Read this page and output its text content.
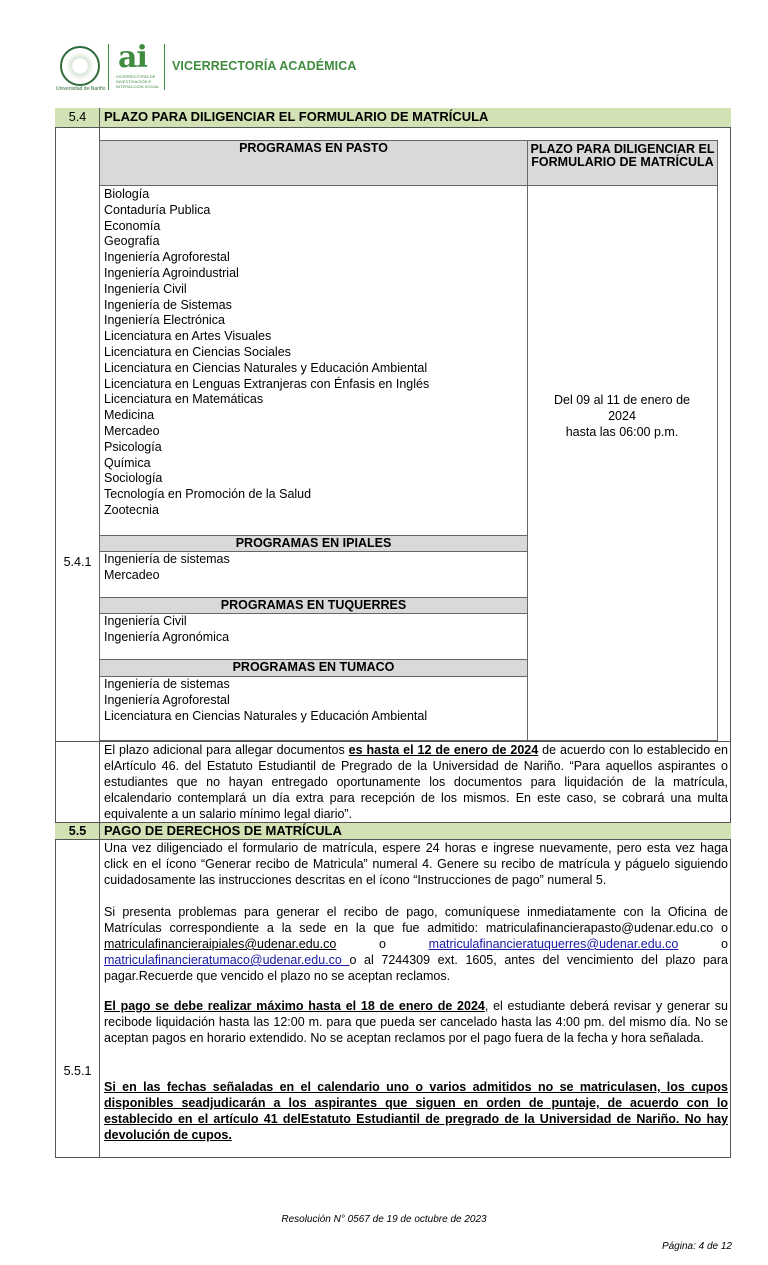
Universidad de Nariño
ai
VICERRECTORÍA DE INVESTIGACIÓN E INTERACCIÓN SOCIAL
VICERRECTORÍA ACADÉMICA
5.4	PLAZO PARA DILIGENCIAR EL FORMULARIO DE MATRÍCULA
5.4.1
PROGRAMAS EN PASTO	PLAZO PARA DILIGENCIAR EL FORMULARIO DE MATRÍCULA
Biología
Contaduría Publica
Economía
Geografía
Ingeniería Agroforestal
Ingeniería Agroindustrial
Ingeniería Civil
Ingeniería de Sistemas
Ingeniería Electrónica
Licenciatura en Artes Visuales
Licenciatura en Ciencias Sociales
Licenciatura en Ciencias Naturales y Educación Ambiental
Licenciatura en Lenguas Extranjeras con Énfasis en Inglés
Licenciatura en Matemáticas
Medicina
Mercadeo
Psicología
Química
Sociología
Tecnología en Promoción de la Salud
Zootecnia
PROGRAMAS EN IPIALES
Ingeniería de sistemas
Mercadeo
PROGRAMAS EN TUQUERRES
Ingeniería Civil
Ingeniería Agronómica
PROGRAMAS EN TUMACO
Ingeniería de sistemas
Ingeniería Agroforestal
Licenciatura en Ciencias Naturales y Educación Ambiental
Del 09 al 11 de enero de
2024
hasta las 06:00 p.m.
El plazo adicional para allegar documentos es hasta el 12 de enero de 2024 de acuerdo con lo establecido en elArtículo 46. del Estatuto Estudiantil de Pregrado de la Universidad de Nariño. “Para aquellos aspirantes o estudiantes que no hayan entregado oportunamente los documentos para liquidación de la matrícula, elcalendario contemplará un día extra para recepción de los mismos. En este caso, se cobrará una multa equivalente a un salario mínimo legal diario”.
5.5	PAGO DE DERECHOS DE MATRÍCULA
5.5.1
Una vez diligenciado el formulario de matrícula, espere 24 horas e ingrese nuevamente, pero esta vez haga click en el ícono “Generar recibo de Matricula” numeral 4. Genere su recibo de matrícula y páguelo siguiendo cuidadosamente las instrucciones descritas en el ícono “Instrucciones de pago” numeral 5.
Si presenta problemas para generar el recibo de pago, comuníquese inmediatamente con la Oficina de Matrículas correspondiente a la sede en la que fue admitido: matriculafinancierapasto@udenar.edu.co o matriculafinancieraipiales@udenar.edu.co o matriculafinancieratuquerres@udenar.edu.co o matriculafinancieratumaco@udenar.edu.co o al 7244309 ext. 1605, antes del vencimiento del plazo para pagar.Recuerde que vencido el plazo no se aceptan reclamos.
El pago se debe realizar máximo hasta el 18 de enero de 2024, el estudiante deberá revisar y generar su recibode liquidación hasta las 12:00 m. para que pueda ser cancelado hasta las 4:00 pm. del mismo día. No se aceptan pagos en horario extendido. No se aceptan reclamos por el pago fuera de la fecha y hora señalada.
Si en las fechas señaladas en el calendario uno o varios admitidos no se matriculasen, los cupos disponibles seadjudicarán a los aspirantes que siguen en orden de puntaje, de acuerdo con lo establecido en el artículo 41 delEstatuto Estudiantil de pregrado de la Universidad de Nariño. No hay devolución de cupos.
Resolución N° 0567 de 19 de octubre de 2023
Página: 4 de 12
